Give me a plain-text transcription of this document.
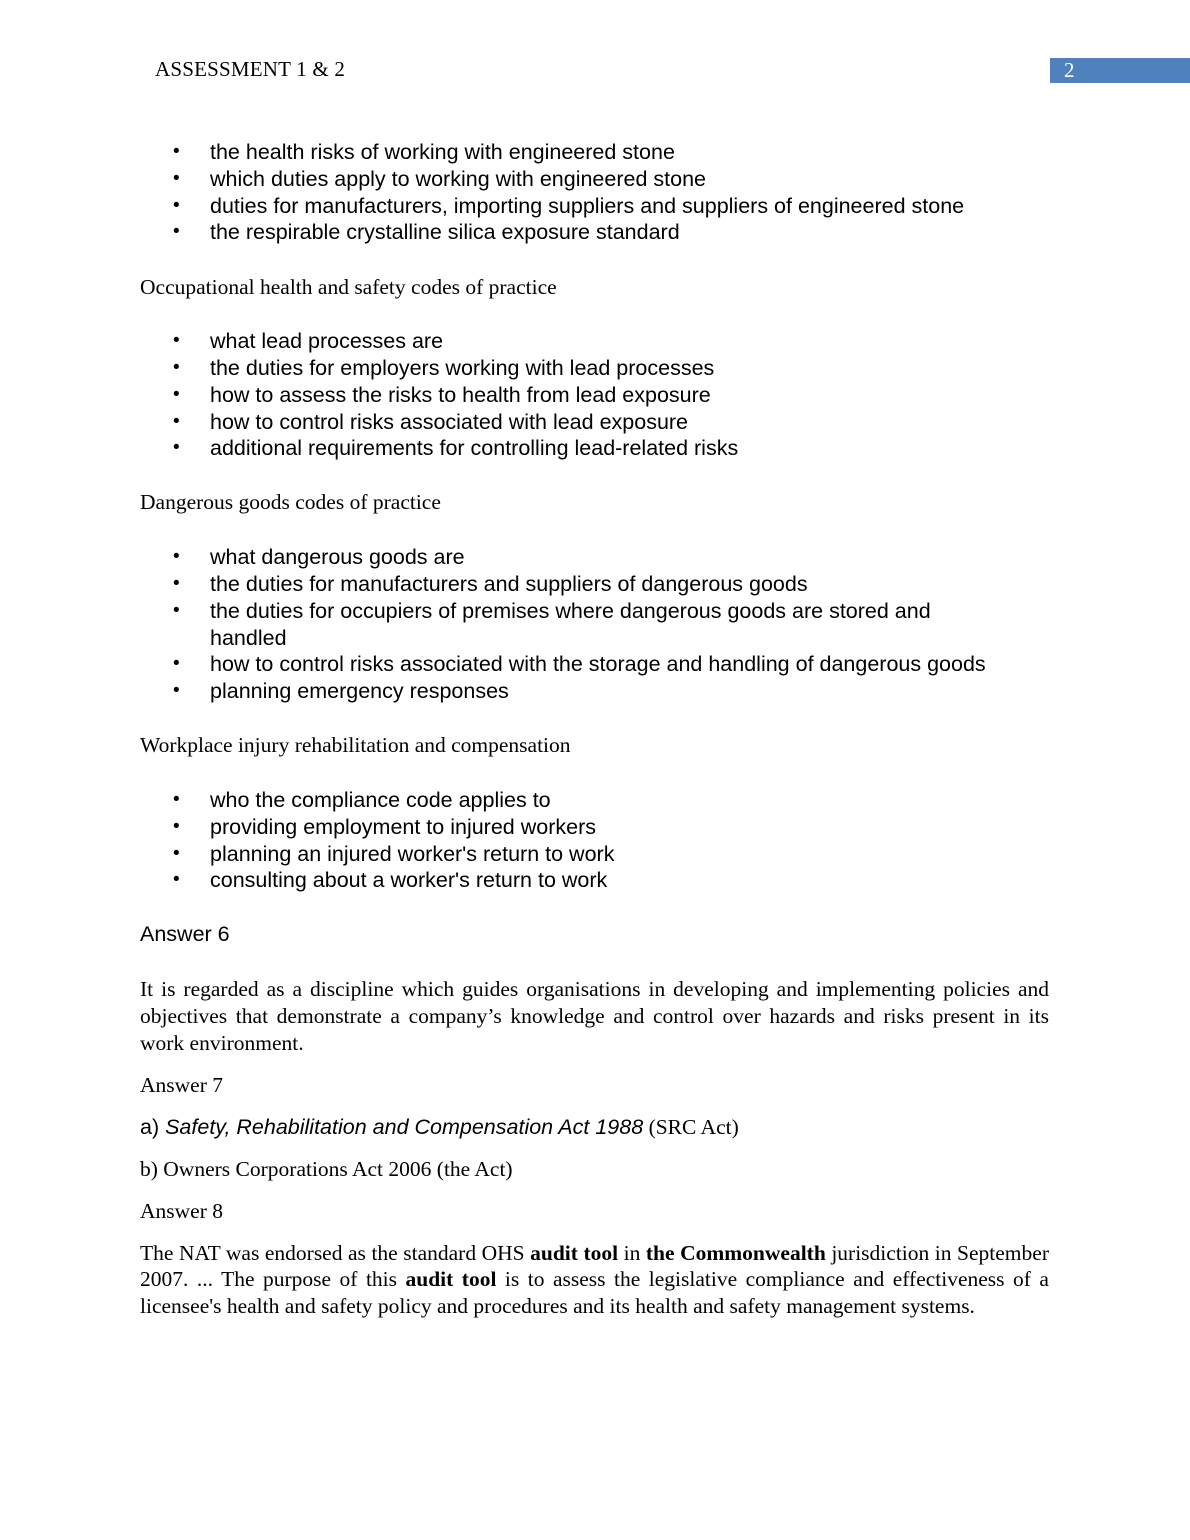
ASSESSMENT 1 & 2	2
• the health risks of working with engineered stone
• which duties apply to working with engineered stone
• duties for manufacturers, importing suppliers and suppliers of engineered stone
• the respirable crystalline silica exposure standard

Occupational health and safety codes of practice

• what lead processes are
• the duties for employers working with lead processes
• how to assess the risks to health from lead exposure
• how to control risks associated with lead exposure
• additional requirements for controlling lead-related risks

Dangerous goods codes of practice

• what dangerous goods are
• the duties for manufacturers and suppliers of dangerous goods
• the duties for occupiers of premises where dangerous goods are stored and handled
• how to control risks associated with the storage and handling of dangerous goods
• planning emergency responses

Workplace injury rehabilitation and compensation

• who the compliance code applies to
• providing employment to injured workers
• planning an injured worker's return to work
• consulting about a worker's return to work

Answer 6

It is regarded as a discipline which guides organisations in developing and implementing policies and objectives that demonstrate a company’s knowledge and control over hazards and risks present in its work environment.

Answer 7

a) Safety, Rehabilitation and Compensation Act 1988 (SRC Act)

b) Owners Corporations Act 2006 (the Act)

Answer 8

The NAT was endorsed as the standard OHS audit tool in the Commonwealth jurisdiction in September 2007. ... The purpose of this audit tool is to assess the legislative compliance and effectiveness of a licensee's health and safety policy and procedures and its health and safety management systems.
